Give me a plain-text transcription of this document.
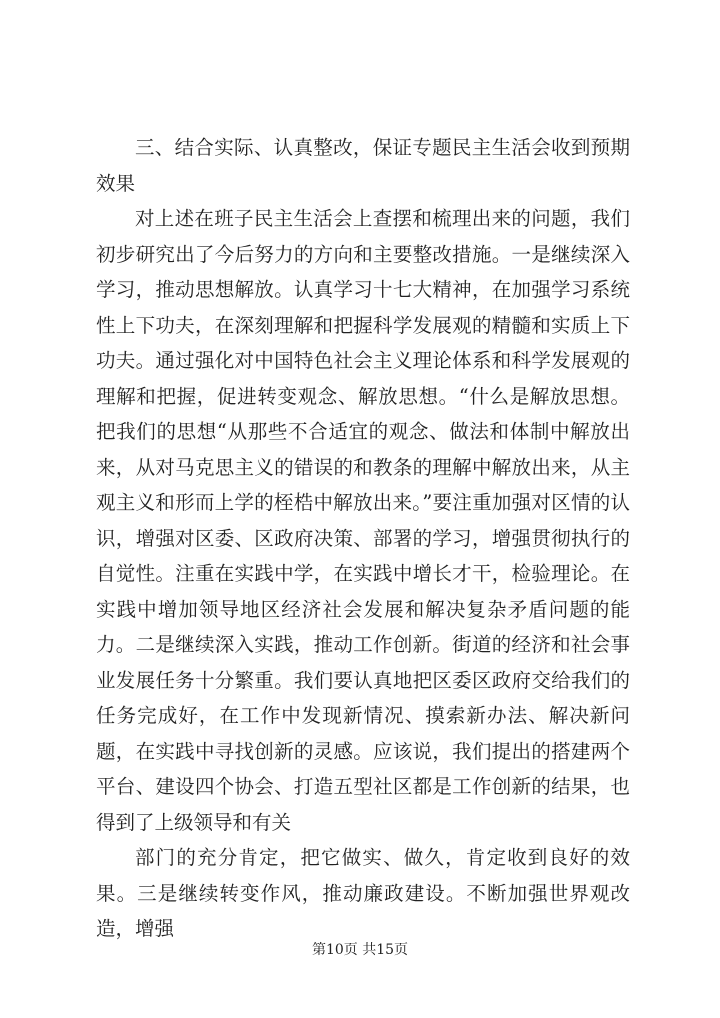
三、结合实际、认真整改，保证专题民主生活会收到预期效果

对上述在班子民主生活会上查摆和梳理出来的问题，我们初步研究出了今后努力的方向和主要整改措施。一是继续深入学习，推动思想解放。认真学习十七大精神，在加强学习系统性上下功夫，在深刻理解和把握科学发展观的精髓和实质上下功夫。通过强化对中国特色社会主义理论体系和科学发展观的理解和把握，促进转变观念、解放思想。“什么是解放思想。把我们的思想“从那些不合适宜的观念、做法和体制中解放出来，从对马克思主义的错误的和教条的理解中解放出来，从主观主义和形而上学的桎梏中解放出来。”要注重加强对区情的认识，增强对区委、区政府决策、部署的学习，增强贯彻执行的自觉性。注重在实践中学，在实践中增长才干，检验理论。在实践中增加领导地区经济社会发展和解决复杂矛盾问题的能力。二是继续深入实践，推动工作创新。街道的经济和社会事业发展任务十分繁重。我们要认真地把区委区政府交给我们的任务完成好，在工作中发现新情况、摸索新办法、解决新问题，在实践中寻找创新的灵感。应该说，我们提出的搭建两个平台、建设四个协会、打造五型社区都是工作创新的结果，也得到了上级领导和有关

部门的充分肯定，把它做实、做久，肯定收到良好的效果。三是继续转变作风，推动廉政建设。不断加强世界观改造，增强

第10页 共15页
